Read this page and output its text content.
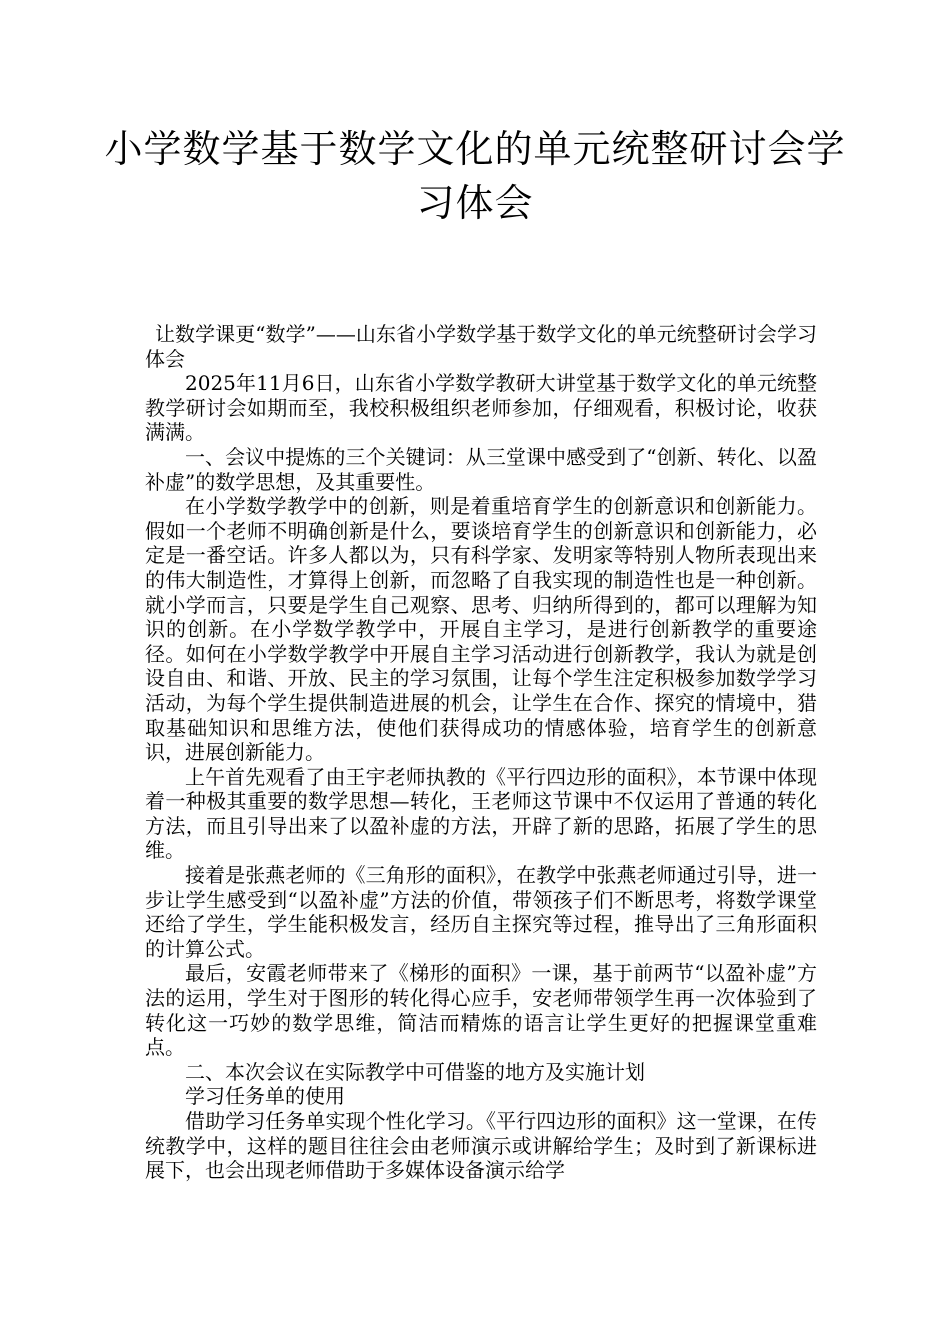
小学数学基于数学文化的单元统整研讨会学习体会

让数学课更“数学”——山东省小学数学基于数学文化的单元统整研讨会学习体会

2025年11月6日，山东省小学数学教研大讲堂基于数学文化的单元统整教学研讨会如期而至，我校积极组织老师参加，仔细观看，积极讨论，收获满满。

一、会议中提炼的三个关键词：从三堂课中感受到了“创新、转化、以盈补虚”的数学思想，及其重要性。

在小学数学教学中的创新，则是着重培育学生的创新意识和创新能力。假如一个老师不明确创新是什么，要谈培育学生的创新意识和创新能力，必定是一番空话。许多人都以为，只有科学家、发明家等特别人物所表现出来的伟大制造性，才算得上创新，而忽略了自我实现的制造性也是一种创新。就小学而言，只要是学生自己观察、思考、归纳所得到的，都可以理解为知识的创新。在小学数学教学中，开展自主学习，是进行创新教学的重要途径。如何在小学数学教学中开展自主学习活动进行创新教学，我认为就是创设自由、和谐、开放、民主的学习氛围，让每个学生注定积极参加数学学习活动，为每个学生提供制造进展的机会，让学生在合作、探究的情境中，猎取基础知识和思维方法，使他们获得成功的情感体验，培育学生的创新意识，进展创新能力。

上午首先观看了由王宇老师执教的《平行四边形的面积》，本节课中体现着一种极其重要的数学思想—转化，王老师这节课中不仅运用了普通的转化方法，而且引导出来了以盈补虚的方法，开辟了新的思路，拓展了学生的思维。

接着是张燕老师的《三角形的面积》，在教学中张燕老师通过引导，进一步让学生感受到“以盈补虚”方法的价值，带领孩子们不断思考，将数学课堂还给了学生，学生能积极发言，经历自主探究等过程，推导出了三角形面积的计算公式。

最后，安霞老师带来了《梯形的面积》一课，基于前两节“以盈补虚”方法的运用，学生对于图形的转化得心应手，安老师带领学生再一次体验到了转化这一巧妙的数学思维，简洁而精炼的语言让学生更好的把握课堂重难点。

二、本次会议在实际教学中可借鉴的地方及实施计划

学习任务单的使用

借助学习任务单实现个性化学习。《平行四边形的面积》这一堂课，在传统教学中，这样的题目往往会由老师演示或讲解给学生；及时到了新课标进展下，也会出现老师借助于多媒体设备演示给学
